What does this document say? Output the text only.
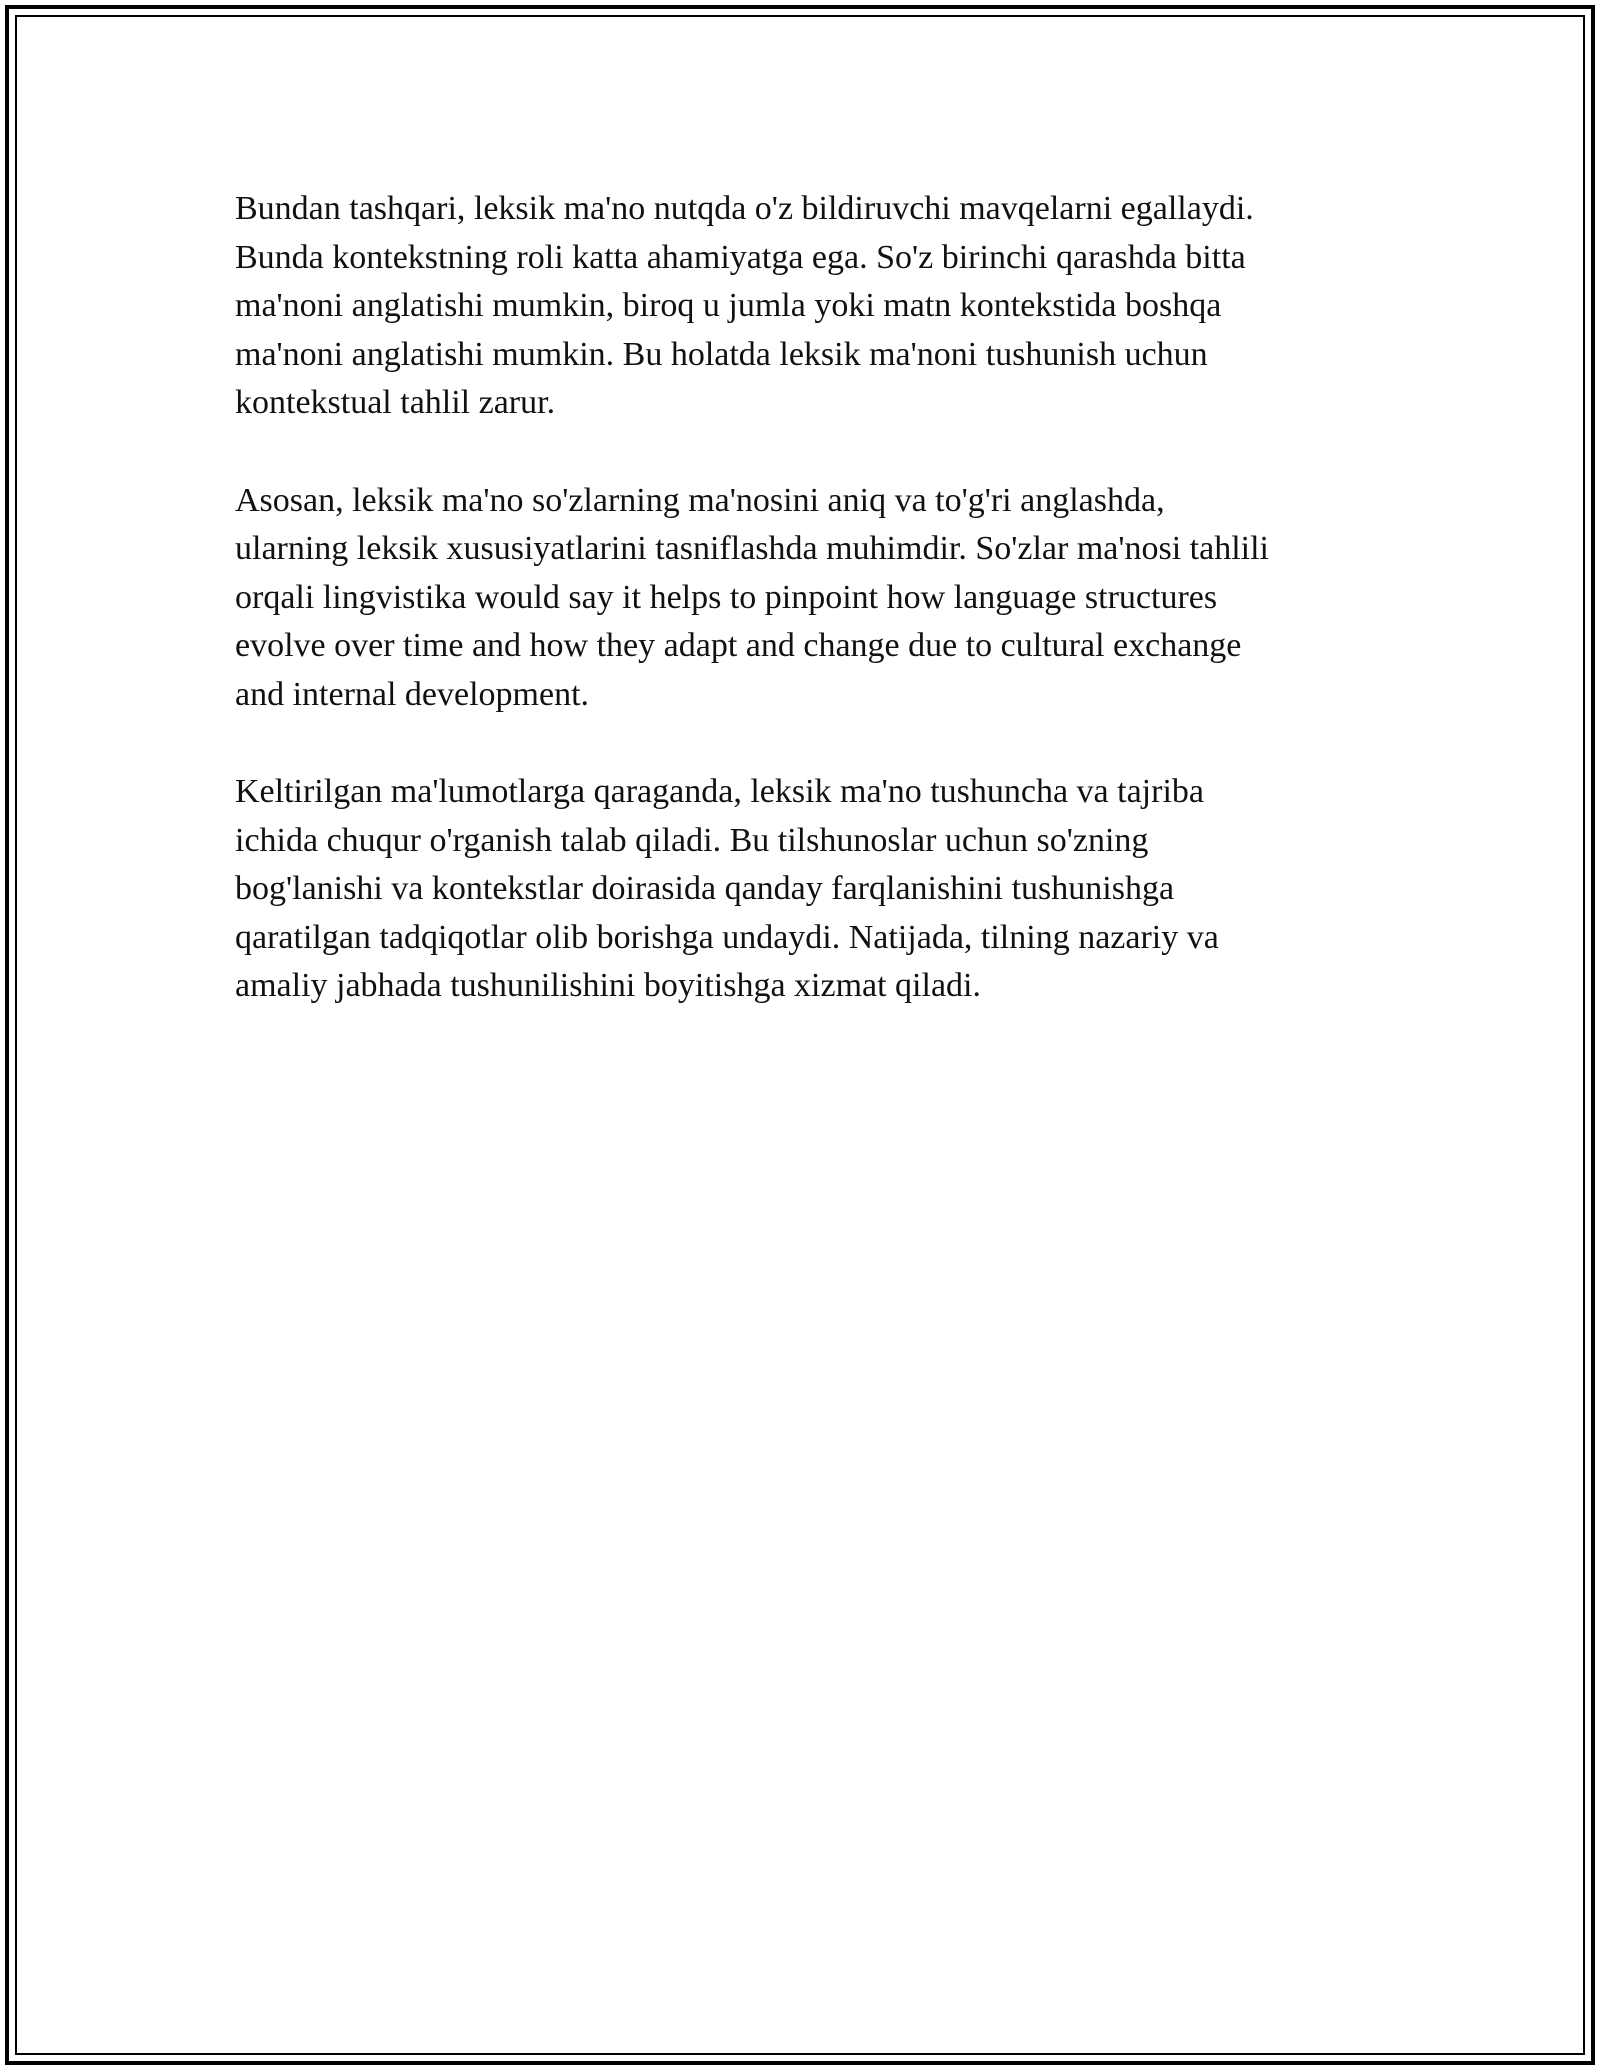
Bundan tashqari, leksik ma'no nutqda o'z bildiruvchi mavqelarni egallaydi.
Bunda kontekstning roli katta ahamiyatga ega. So'z birinchi qarashda bitta
ma'noni anglatishi mumkin, biroq u jumla yoki matn kontekstida boshqa
ma'noni anglatishi mumkin. Bu holatda leksik ma'noni tushunish uchun
kontekstual tahlil zarur.

Asosan, leksik ma'no so'zlarning ma'nosini aniq va to'g'ri anglashda,
ularning leksik xususiyatlarini tasniflashda muhimdir. So'zlar ma'nosi tahlili
orqali lingvistika would say it helps to pinpoint how language structures
evolve over time and how they adapt and change due to cultural exchange
and internal development.

Keltirilgan ma'lumotlarga qaraganda, leksik ma'no tushuncha va tajriba
ichida chuqur o'rganish talab qiladi. Bu tilshunoslar uchun so'zning
bog'lanishi va kontekstlar doirasida qanday farqlanishini tushunishga
qaratilgan tadqiqotlar olib borishga undaydi. Natijada, tilning nazariy va
amaliy jabhada tushunilishini boyitishga xizmat qiladi.
